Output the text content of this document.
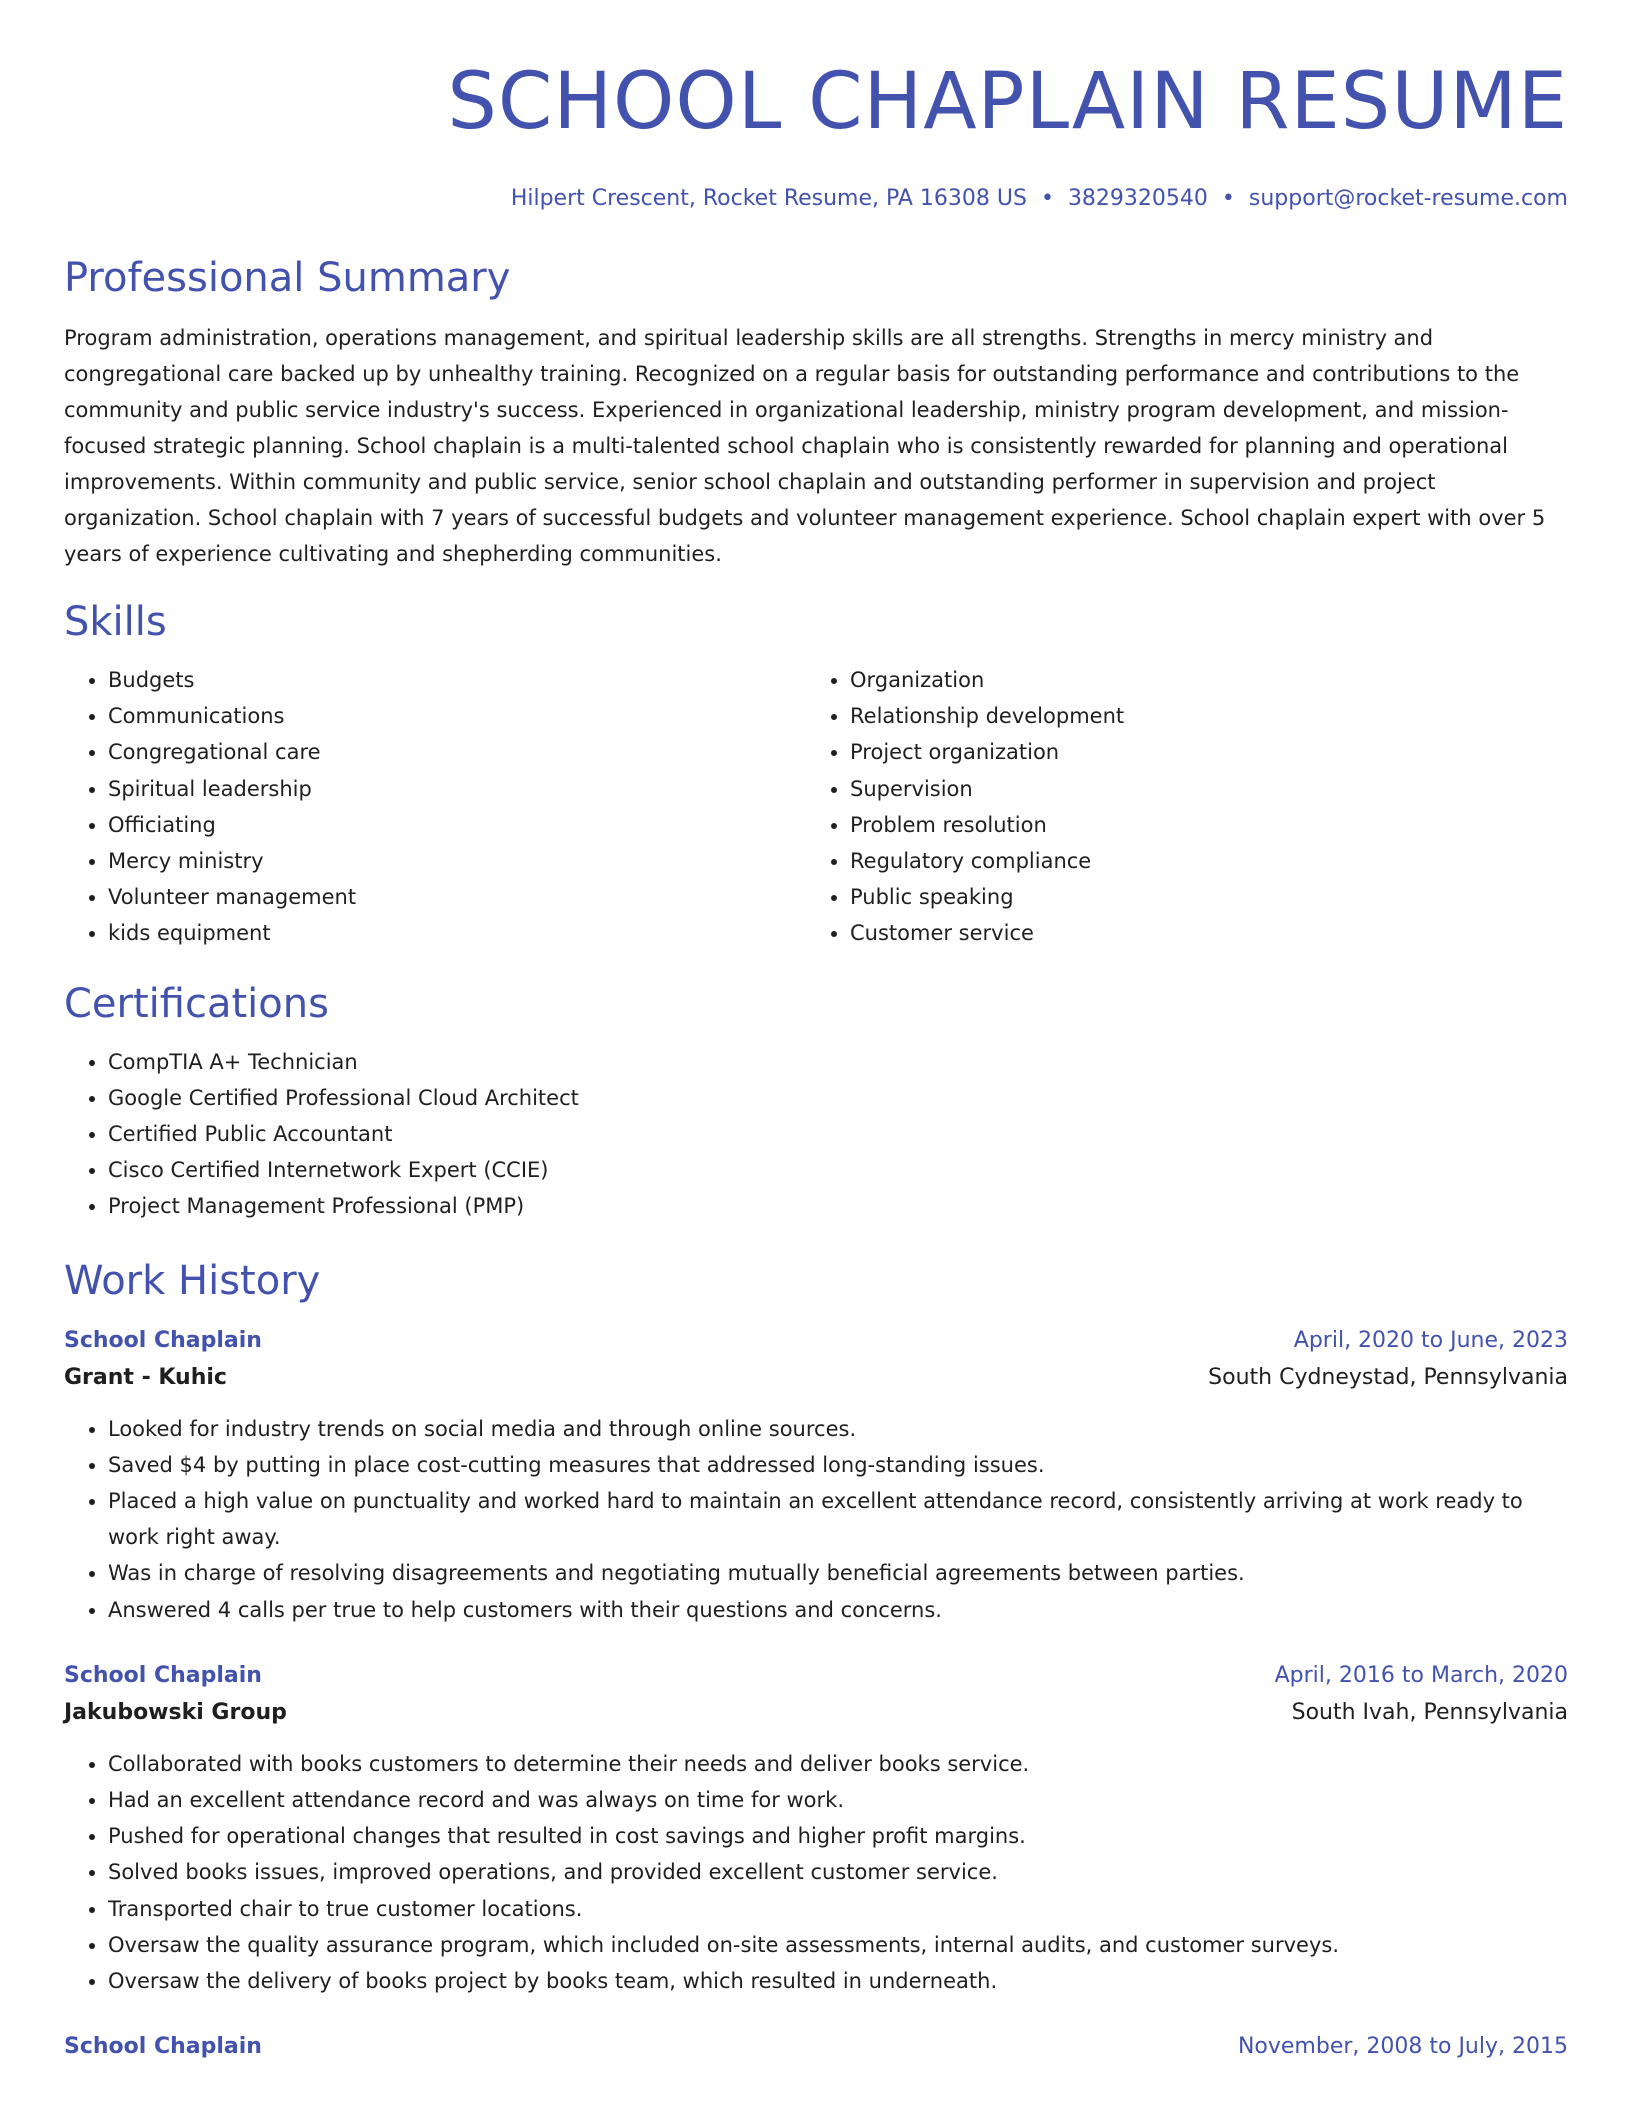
SCHOOL CHAPLAIN RESUME
Hilpert Crescent, Rocket Resume, PA 16308 US • 3829320540 • support@rocket-resume.com
Professional Summary

Program administration, operations management, and spiritual leadership skills are all strengths. Strengths in mercy ministry and congregational care backed up by unhealthy training. Recognized on a regular basis for outstanding performance and contributions to the community and public service industry's success. Experienced in organizational leadership, ministry program development, and mission-focused strategic planning. School chaplain is a multi-talented school chaplain who is consistently rewarded for planning and operational improvements. Within community and public service, senior school chaplain and outstanding performer in supervision and project organization. School chaplain with 7 years of successful budgets and volunteer management experience. School chaplain expert with over 5 years of experience cultivating and shepherding communities.

Skills
• Budgets
• Communications
• Congregational care
• Spiritual leadership
• Officiating
• Mercy ministry
• Volunteer management
• kids equipment
• Organization
• Relationship development
• Project organization
• Supervision
• Problem resolution
• Regulatory compliance
• Public speaking
• Customer service
Certifications
• CompTIA A+ Technician
• Google Certified Professional Cloud Architect
• Certified Public Accountant
• Cisco Certified Internetwork Expert (CCIE)
• Project Management Professional (PMP)
Work History
School Chaplain	April, 2020 to June, 2023
Grant - Kuhic	South Cydneystad, Pennsylvania
• Looked for industry trends on social media and through online sources.
• Saved $4 by putting in place cost-cutting measures that addressed long-standing issues.
• Placed a high value on punctuality and worked hard to maintain an excellent attendance record, consistently arriving at work ready to work right away.
• Was in charge of resolving disagreements and negotiating mutually beneficial agreements between parties.
• Answered 4 calls per true to help customers with their questions and concerns.
School Chaplain	April, 2016 to March, 2020
Jakubowski Group	South Ivah, Pennsylvania
• Collaborated with books customers to determine their needs and deliver books service.
• Had an excellent attendance record and was always on time for work.
• Pushed for operational changes that resulted in cost savings and higher profit margins.
• Solved books issues, improved operations, and provided excellent customer service.
• Transported chair to true customer locations.
• Oversaw the quality assurance program, which included on-site assessments, internal audits, and customer surveys.
• Oversaw the delivery of books project by books team, which resulted in underneath.
School Chaplain	November, 2008 to July, 2015
